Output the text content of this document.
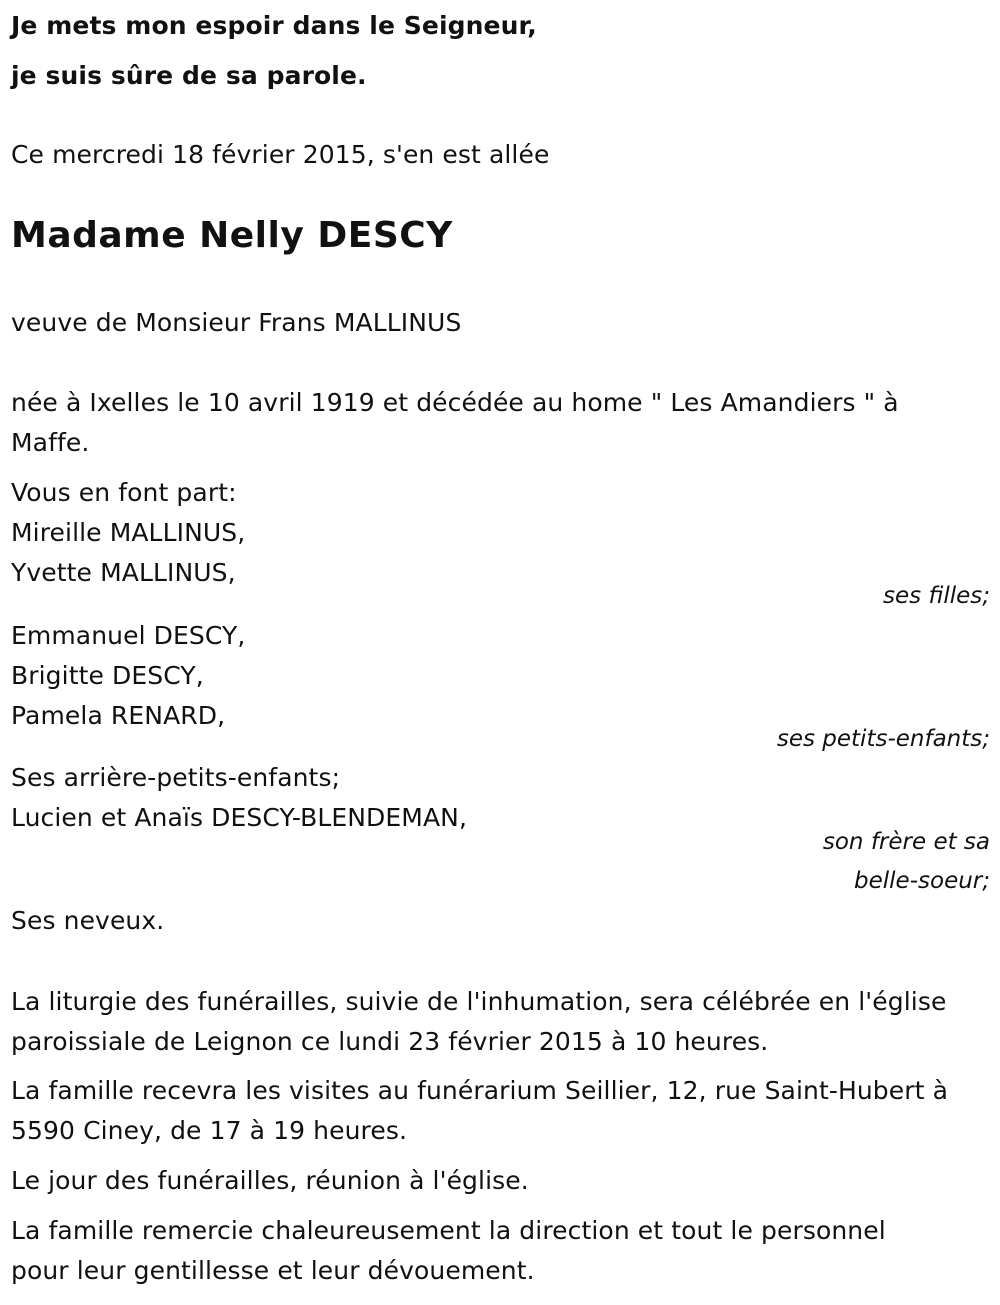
Je mets mon espoir dans le Seigneur,

je suis sûre de sa parole.

Ce mercredi 18 février 2015, s'en est allée

Madame Nelly DESCY

veuve de Monsieur Frans MALLINUS

née à Ixelles le 10 avril 1919 et décédée au home " Les Amandiers " à

Maffe.

Vous en font part:

Mireille MALLINUS,

Yvette MALLINUS,

ses filles;

Emmanuel DESCY,

Brigitte DESCY,

Pamela RENARD,

ses petits-enfants;

Ses arrière-petits-enfants;

Lucien et Anaïs DESCY-BLENDEMAN,

son frère et sa

belle-soeur;

Ses neveux.

La liturgie des funérailles, suivie de l'inhumation, sera célébrée en l'église

paroissiale de Leignon ce lundi 23 février 2015 à 10 heures.

La famille recevra les visites au funérarium Seillier, 12, rue Saint-Hubert à

5590 Ciney, de 17 à 19 heures.

Le jour des funérailles, réunion à l'église.

La famille remercie chaleureusement la direction et tout le personnel

pour leur gentillesse et leur dévouement.
